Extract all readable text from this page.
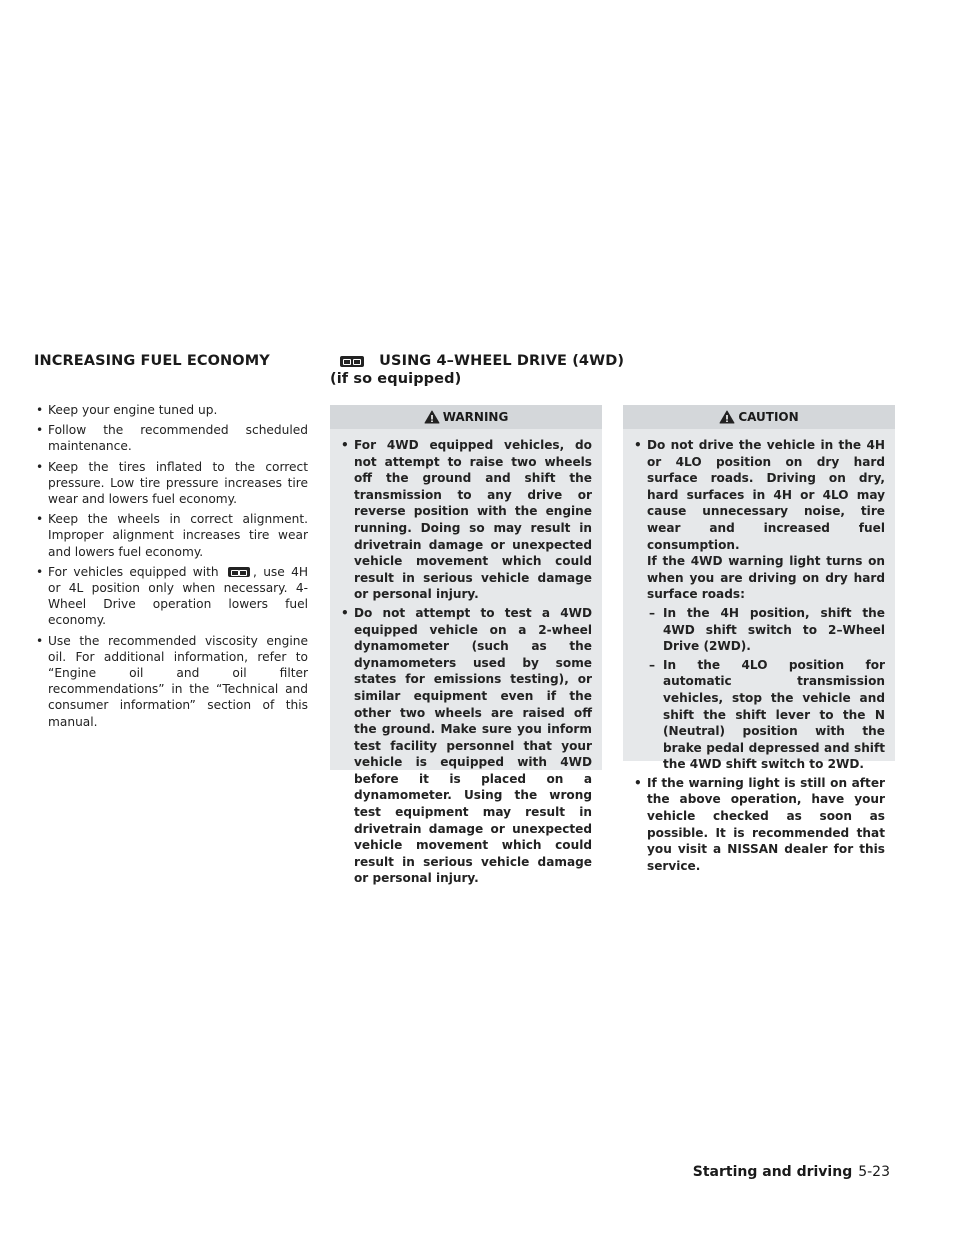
INCREASING FUEL ECONOMY	USING 4–WHEEL DRIVE (4WD)
(if so equipped)
• Keep your engine tuned up.
• Follow the recommended scheduled maintenance.
• Keep the tires inflated to the correct pressure. Low tire pressure increases tire wear and lowers fuel economy.
• Keep the wheels in correct alignment. Improper alignment increases tire wear and lowers fuel economy.
• For vehicles equipped with	, use 4H or 4L position only when necessary. 4-Wheel Drive operation lowers fuel economy.
• Use the recommended viscosity engine oil. For additional information, refer to “Engine oil and oil filter recommendations” in the “Technical and consumer information” section of this manual.
WARNING
• For 4WD equipped vehicles, do not attempt to raise two wheels off the ground and shift the transmission to any drive or reverse position with the engine running. Doing so may result in drivetrain damage or unexpected vehicle movement which could result in serious vehicle damage or personal injury.
• Do not attempt to test a 4WD equipped vehicle on a 2-wheel dynamometer (such as the dynamometers used by some states for emissions testing), or similar equipment even if the other two wheels are raised off the ground. Make sure you inform test facility personnel that your vehicle is equipped with 4WD before it is placed on a dynamometer. Using the wrong test equipment may result in drivetrain damage or unexpected vehicle movement which could result in serious vehicle damage or personal injury.
CAUTION
• Do not drive the vehicle in the 4H or 4LO position on dry hard surface roads. Driving on dry, hard surfaces in 4H or 4LO may cause unnecessary noise, tire wear and increased fuel consumption.
If the 4WD warning light turns on when you are driving on dry hard surface roads:
– In the 4H position, shift the 4WD shift switch to 2–Wheel Drive (2WD).
– In the 4LO position for automatic transmission vehicles, stop the vehicle and shift the shift lever to the N (Neutral) position with the brake pedal depressed and shift the 4WD shift switch to 2WD.
• If the warning light is still on after the above operation, have your vehicle checked as soon as possible. It is recommended that you visit a NISSAN dealer for this service.
Starting and driving 5-23
